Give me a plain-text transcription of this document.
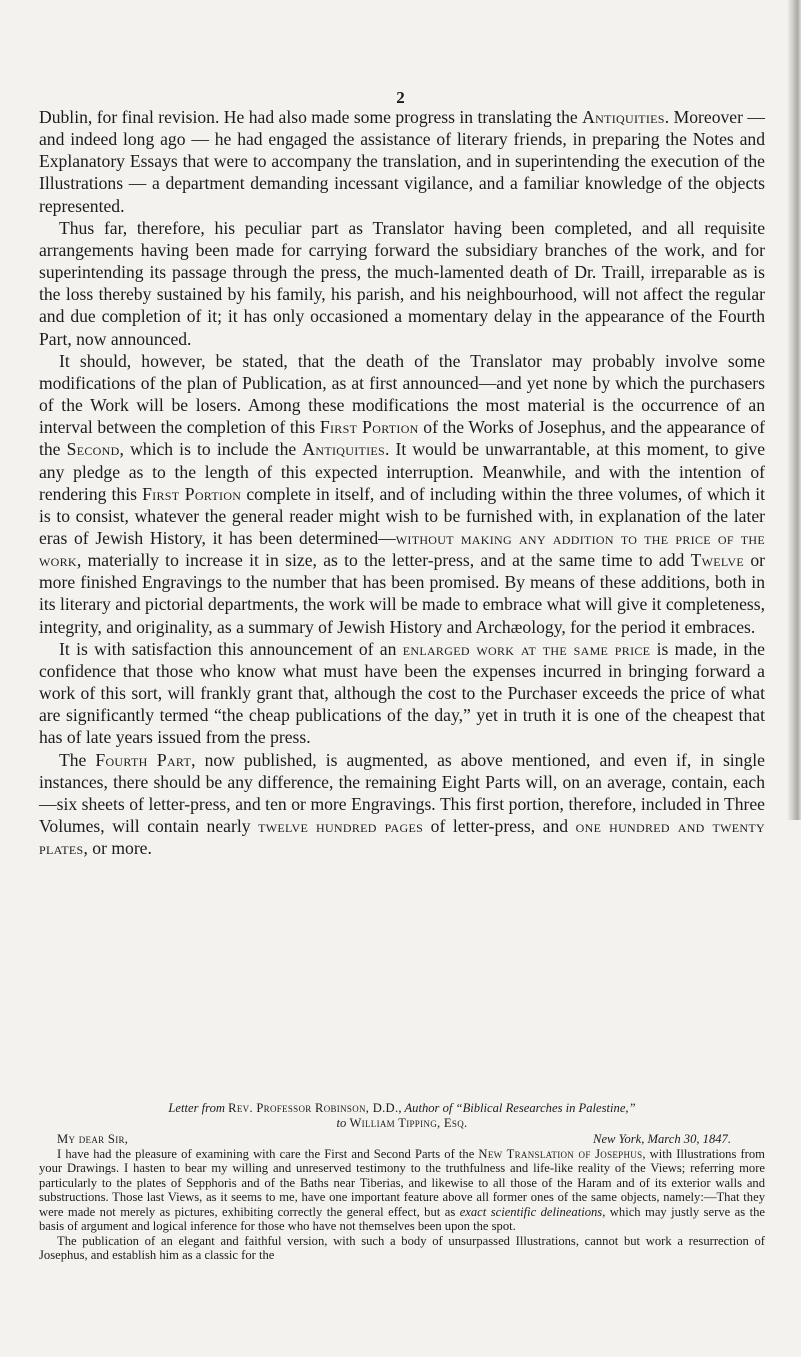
2

Dublin, for final revision. He had also made some progress in translating the Antiquities. Moreover — and indeed long ago — he had engaged the assistance of literary friends, in preparing the Notes and Explanatory Essays that were to accompany the translation, and in superintending the execution of the Illustrations — a department demanding incessant vigilance, and a familiar knowledge of the objects represented.

Thus far, therefore, his peculiar part as Translator having been completed, and all requisite arrangements having been made for carrying forward the subsidiary branches of the work, and for superintending its passage through the press, the much-lamented death of Dr. Traill, irreparable as is the loss thereby sustained by his family, his parish, and his neighbourhood, will not affect the regular and due completion of it; it has only occasioned a momentary delay in the appearance of the Fourth Part, now announced.

It should, however, be stated, that the death of the Translator may probably involve some modifications of the plan of Publication, as at first announced—and yet none by which the purchasers of the Work will be losers. Among these modifications the most material is the occurrence of an interval between the completion of this First Portion of the Works of Josephus, and the appearance of the Second, which is to include the Antiquities. It would be unwarrantable, at this moment, to give any pledge as to the length of this expected interruption. Meanwhile, and with the intention of rendering this First Portion complete in itself, and of including within the three volumes, of which it is to consist, whatever the general reader might wish to be furnished with, in explanation of the later eras of Jewish History, it has been determined—without making any addition to the price of the work, materially to increase it in size, as to the letter-press, and at the same time to add Twelve or more finished Engravings to the number that has been promised. By means of these additions, both in its literary and pictorial departments, the work will be made to embrace what will give it completeness, integrity, and originality, as a summary of Jewish History and Archæology, for the period it embraces.

It is with satisfaction this announcement of an enlarged work at the same price is made, in the confidence that those who know what must have been the expenses incurred in bringing forward a work of this sort, will frankly grant that, although the cost to the Purchaser exceeds the price of what are significantly termed “the cheap publications of the day,” yet in truth it is one of the cheapest that has of late years issued from the press.

The Fourth Part, now published, is augmented, as above mentioned, and even if, in single instances, there should be any difference, the remaining Eight Parts will, on an average, contain, each—six sheets of letter-press, and ten or more Engravings. This first portion, therefore, included in Three Volumes, will contain nearly twelve hundred pages of letter-press, and one hundred and twenty plates, or more.

Letter from Rev. Professor Robinson, D.D., Author of “Biblical Researches in Palestine,”
to William Tipping, Esq.
My dear Sir,	New York, March 30, 1847.

I have had the pleasure of examining with care the First and Second Parts of the New Translation of Josephus, with Illustrations from your Drawings. I hasten to bear my willing and unreserved testimony to the truthfulness and life-like reality of the Views; referring more particularly to the plates of Sepphoris and of the Baths near Tiberias, and likewise to all those of the Haram and of its exterior walls and substructions. Those last Views, as it seems to me, have one important feature above all former ones of the same objects, namely:—That they were made not merely as pictures, exhibiting correctly the general effect, but as exact scientific delineations, which may justly serve as the basis of argument and logical inference for those who have not themselves been upon the spot.

The publication of an elegant and faithful version, with such a body of unsurpassed Illustrations, cannot but work a resurrection of Josephus, and establish him as a classic for the
